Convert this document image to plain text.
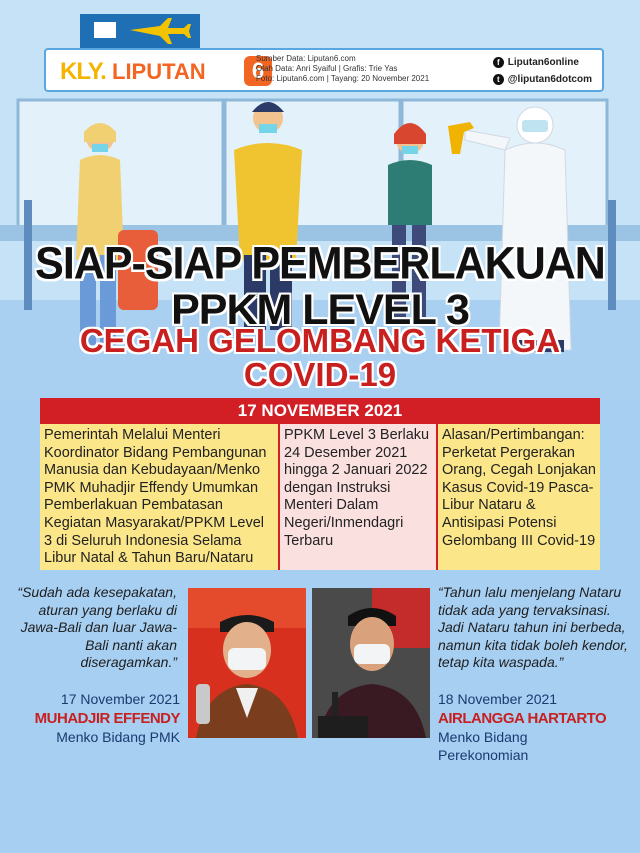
KLY. LIPUTAN	6
Sumber Data: Liputan6.com
Olah Data: Anri Syaiful | Grafis: Trie Yas
Foto: Liputan6.com | Tayang: 20 November 2021
f Liputan6online
t @liputan6dotcom
SIAP-SIAP PEMBERLAKUAN
PPKM LEVEL 3
CEGAH GELOMBANG KETIGA
COVID-19
17 NOVEMBER 2021
Pemerintah Melalui Menteri Koordinator Bidang Pembangunan Manusia dan Kebudayaan/Menko PMK Muhadjir Effendy Umumkan Pemberlakuan Pembatasan Kegiatan Masyarakat/PPKM Level 3 di Seluruh Indonesia Selama Libur Natal & Tahun Baru/Nataru
PPKM Level 3 Berlaku 24 Desember 2021 hingga 2 Januari 2022 dengan Instruksi Menteri Dalam Negeri/Inmendagri Terbaru
Alasan/Pertimbangan: Perketat Pergerakan Orang, Cegah Lonjakan Kasus Covid-19 Pasca-Libur Nataru & Antisipasi Potensi Gelombang III Covid-19
“Sudah ada kesepakatan, aturan yang berlaku di Jawa-Bali dan luar Jawa-Bali nanti akan diseragamkan.”
17 November 2021
MUHADJIR EFFENDY
Menko Bidang PMK
“Tahun lalu menjelang Nataru tidak ada yang tervaksinasi. Jadi Nataru tahun ini berbeda, namun kita tidak boleh kendor, tetap kita waspada.”
18 November 2021
AIRLANGGA HARTARTO
Menko Bidang Perekonomian
